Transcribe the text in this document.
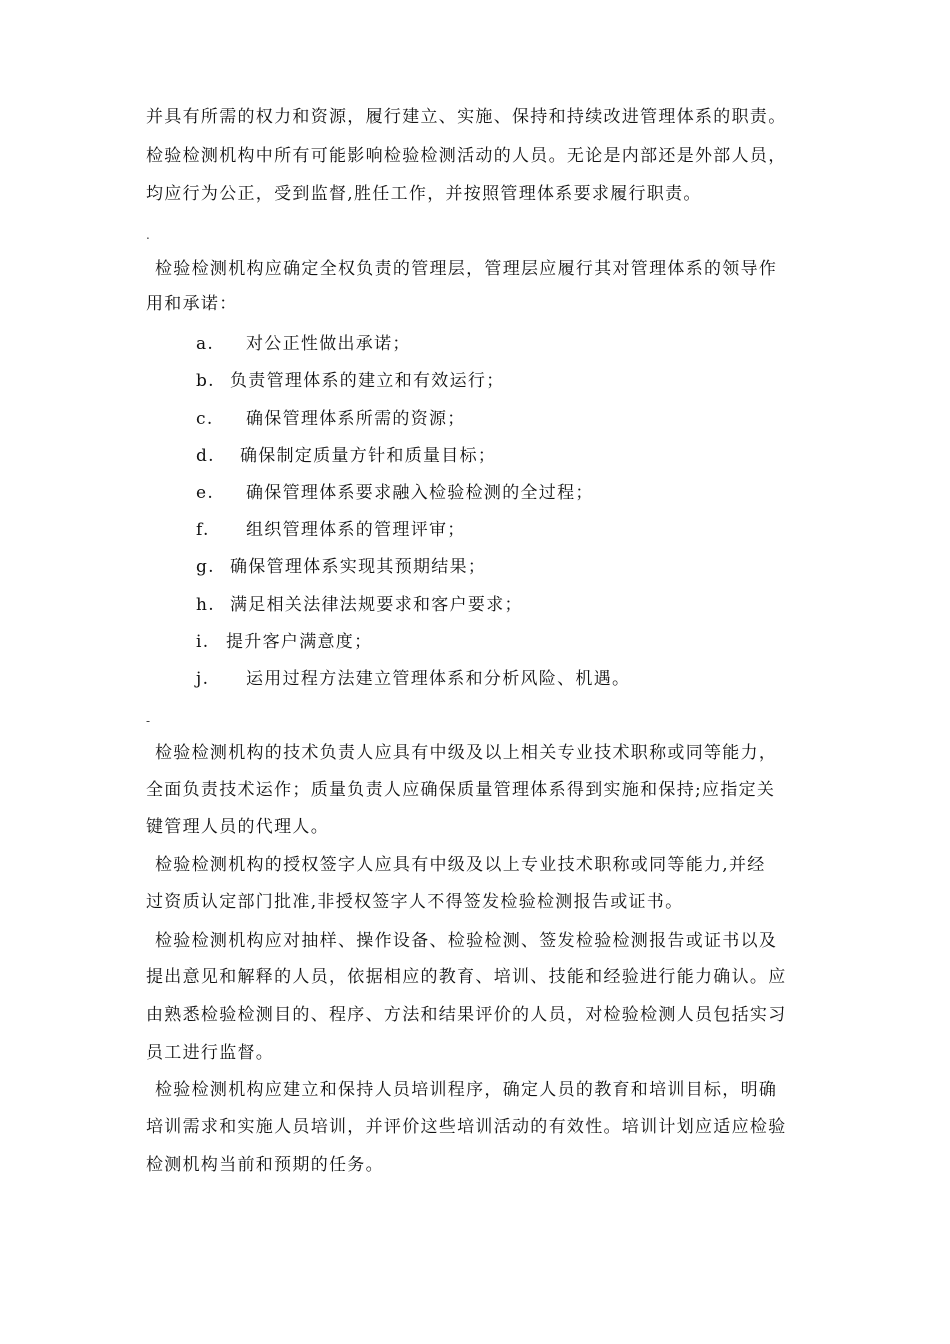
并具有所需的权力和资源，履行建立、实施、保持和持续改进管理体系的职责。
检验检测机构中所有可能影响检验检测活动的人员。无论是内部还是外部人员，
均应行为公正，受到监督,胜任工作，并按照管理体系要求履行职责。
.
检验检测机构应确定全权负责的管理层，管理层应履行其对管理体系的领导作
用和承诺：
a. 对公正性做出承诺；
b. 负责管理体系的建立和有效运行；
c. 确保管理体系所需的资源；
d. 确保制定质量方针和质量目标；
e. 确保管理体系要求融入检验检测的全过程；
f. 组织管理体系的管理评审；
g. 确保管理体系实现其预期结果；
h. 满足相关法律法规要求和客户要求；
i. 提升客户满意度；
j. 运用过程方法建立管理体系和分析风险、机遇。
-
检验检测机构的技术负责人应具有中级及以上相关专业技术职称或同等能力，
全面负责技术运作；质量负责人应确保质量管理体系得到实施和保持;应指定关
键管理人员的代理人。
检验检测机构的授权签字人应具有中级及以上专业技术职称或同等能力,并经
过资质认定部门批准,非授权签字人不得签发检验检测报告或证书。
检验检测机构应对抽样、操作设备、检验检测、签发检验检测报告或证书以及
提出意见和解释的人员，依据相应的教育、培训、技能和经验进行能力确认。应
由熟悉检验检测目的、程序、方法和结果评价的人员，对检验检测人员包括实习
员工进行监督。
检验检测机构应建立和保持人员培训程序，确定人员的教育和培训目标，明确
培训需求和实施人员培训，并评价这些培训活动的有效性。培训计划应适应检验
检测机构当前和预期的任务。
